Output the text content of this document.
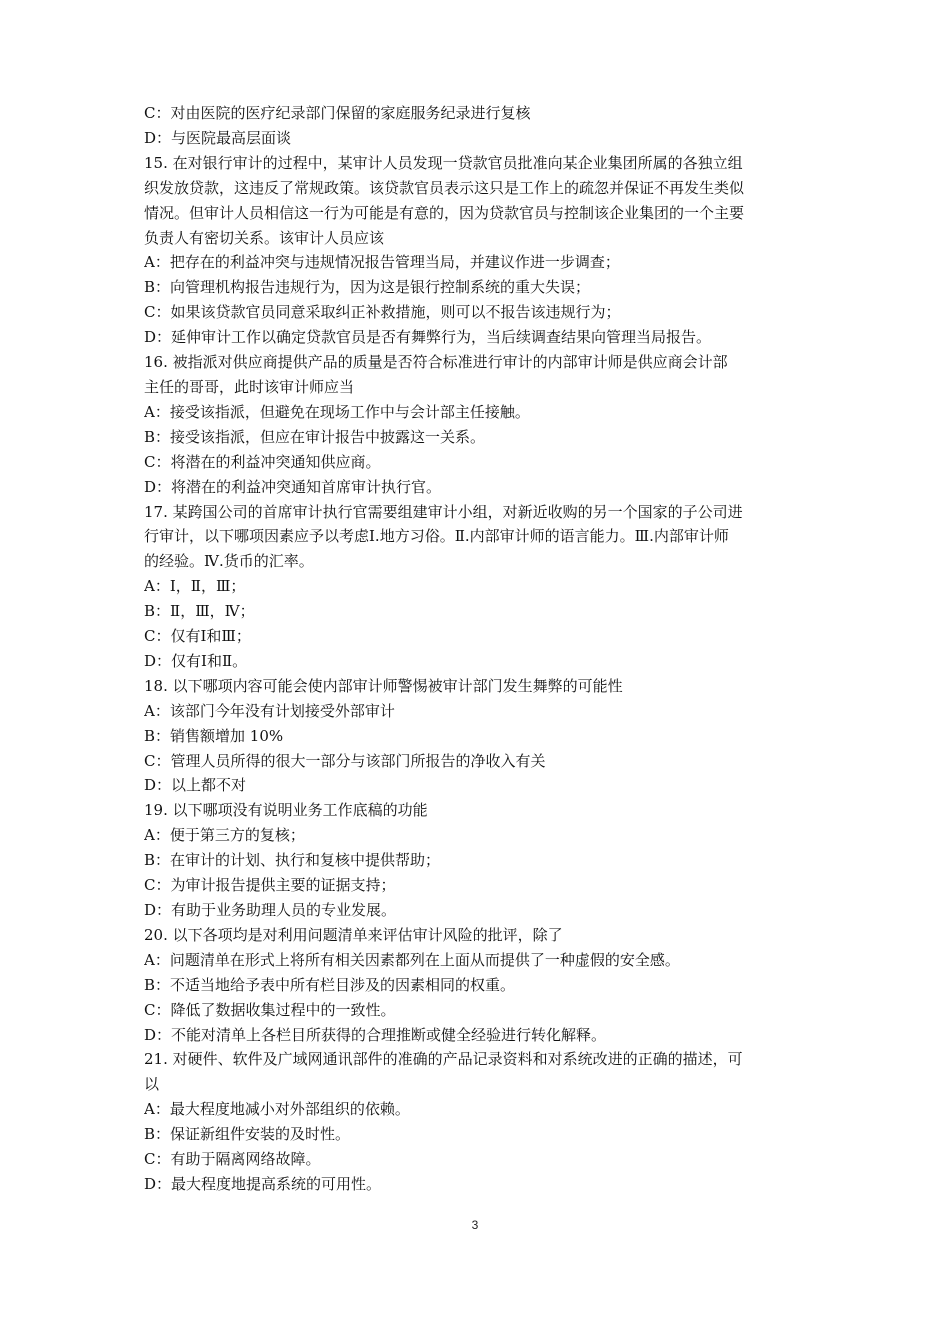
C：对由医院的医疗纪录部门保留的家庭服务纪录进行复核
D：与医院最高层面谈
15. 在对银行审计的过程中，某审计人员发现一贷款官员批准向某企业集团所属的各独立组
织发放贷款，这违反了常规政策。该贷款官员表示这只是工作上的疏忽并保证不再发生类似
情况。但审计人员相信这一行为可能是有意的，因为贷款官员与控制该企业集团的一个主要
负责人有密切关系。该审计人员应该
A：把存在的利益冲突与违规情况报告管理当局，并建议作进一步调查；
B：向管理机构报告违规行为，因为这是银行控制系统的重大失误；
C：如果该贷款官员同意采取纠正补救措施，则可以不报告该违规行为；
D：延伸审计工作以确定贷款官员是否有舞弊行为，当后续调查结果向管理当局报告。
16. 被指派对供应商提供产品的质量是否符合标准进行审计的内部审计师是供应商会计部
主任的哥哥，此时该审计师应当
A：接受该指派，但避免在现场工作中与会计部主任接触。
B：接受该指派，但应在审计报告中披露这一关系。
C：将潜在的利益冲突通知供应商。
D：将潜在的利益冲突通知首席审计执行官。
17. 某跨国公司的首席审计执行官需要组建审计小组，对新近收购的另一个国家的子公司进
行审计，以下哪项因素应予以考虑Ⅰ.地方习俗。Ⅱ.内部审计师的语言能力。Ⅲ.内部审计师
的经验。Ⅳ.货币的汇率。
A：Ⅰ，Ⅱ，Ⅲ；
B：Ⅱ，Ⅲ，Ⅳ；
C：仅有Ⅰ和Ⅲ；
D：仅有Ⅰ和Ⅱ。
18. 以下哪项内容可能会使内部审计师警惕被审计部门发生舞弊的可能性
A：该部门今年没有计划接受外部审计
B：销售额增加 10%
C：管理人员所得的很大一部分与该部门所报告的净收入有关
D：以上都不对
19. 以下哪项没有说明业务工作底稿的功能
A：便于第三方的复核；
B：在审计的计划、执行和复核中提供帮助；
C：为审计报告提供主要的证据支持；
D：有助于业务助理人员的专业发展。
20. 以下各项均是对利用问题清单来评估审计风险的批评，除了
A：问题清单在形式上将所有相关因素都列在上面从而提供了一种虚假的安全感。
B：不适当地给予表中所有栏目涉及的因素相同的权重。
C：降低了数据收集过程中的一致性。
D：不能对清单上各栏目所获得的合理推断或健全经验进行转化解释。
21. 对硬件、软件及广域网通讯部件的准确的产品记录资料和对系统改进的正确的描述，可
以
A：最大程度地减小对外部组织的依赖。
B：保证新组件安装的及时性。
C：有助于隔离网络故障。
D：最大程度地提高系统的可用性。
3
